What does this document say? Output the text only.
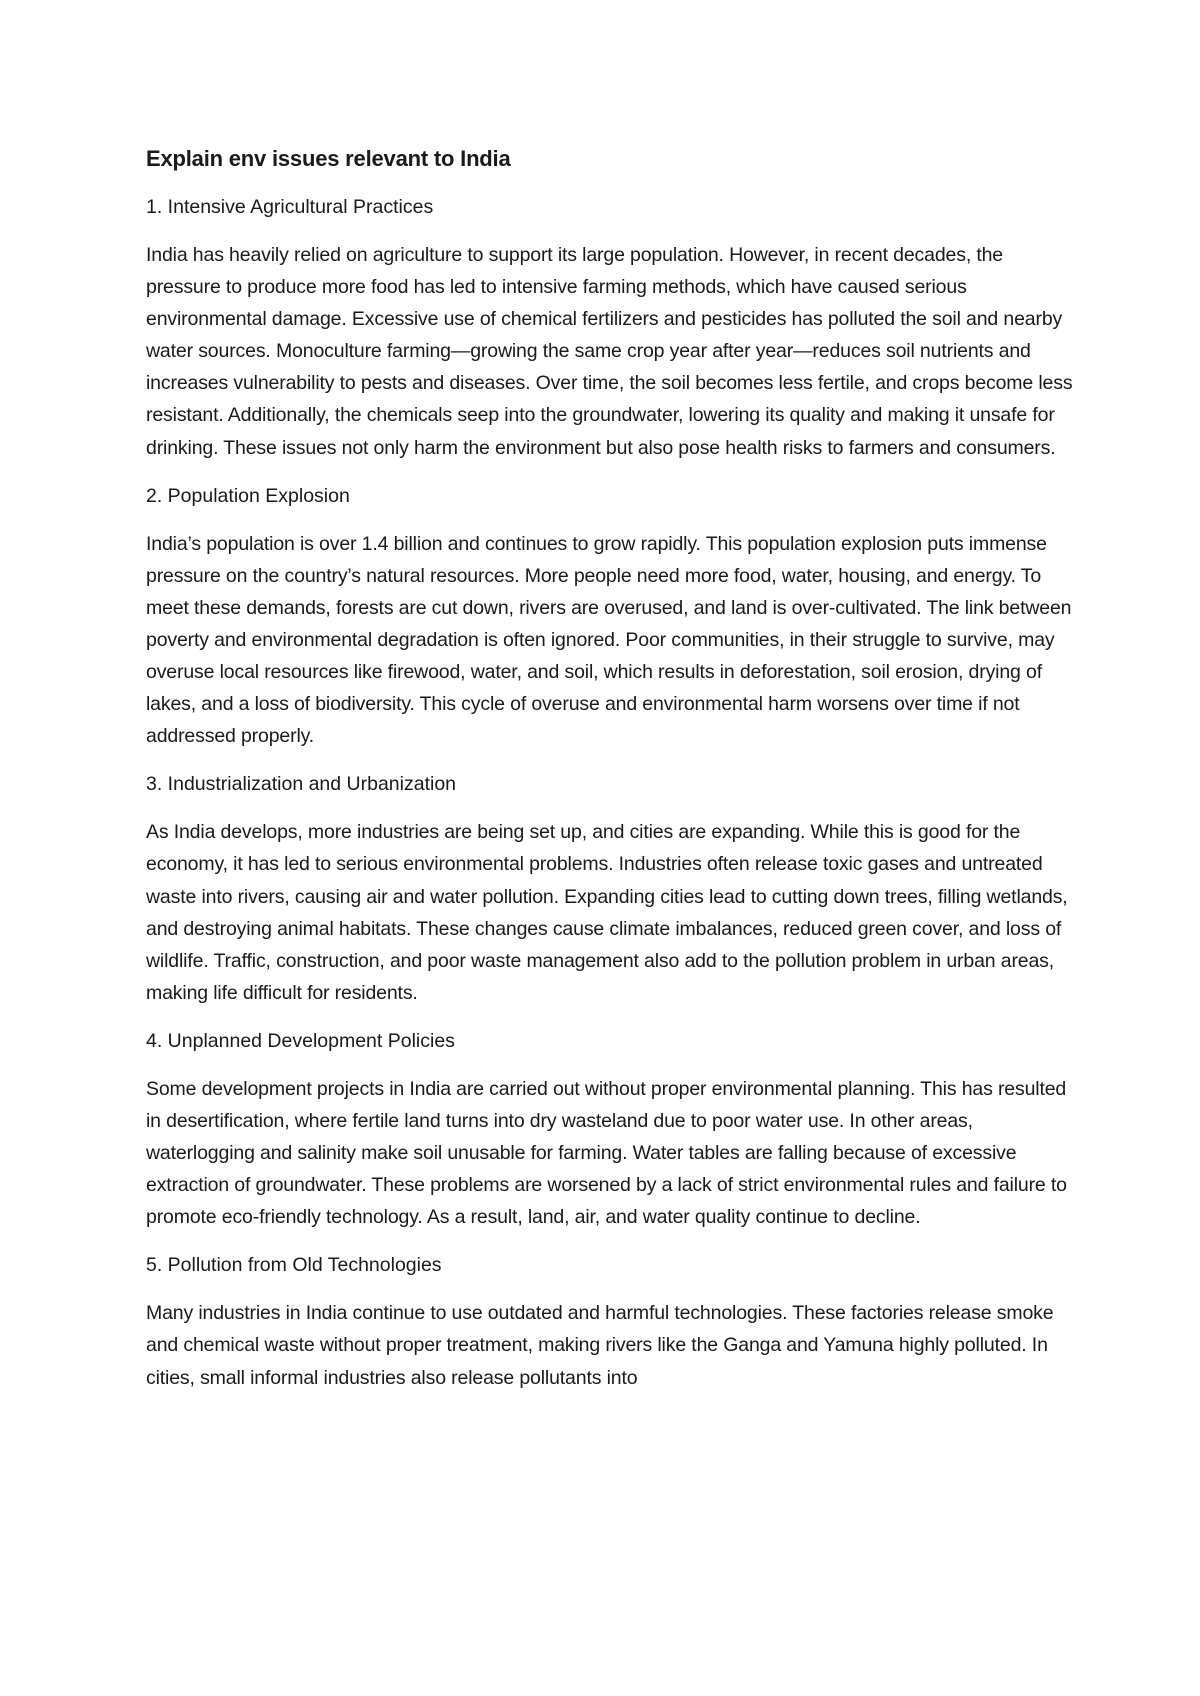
Explain env issues relevant to India
1. Intensive Agricultural Practices
India has heavily relied on agriculture to support its large population. However, in recent decades, the pressure to produce more food has led to intensive farming methods, which have caused serious environmental damage. Excessive use of chemical fertilizers and pesticides has polluted the soil and nearby water sources. Monoculture farming—growing the same crop year after year—reduces soil nutrients and increases vulnerability to pests and diseases. Over time, the soil becomes less fertile, and crops become less resistant. Additionally, the chemicals seep into the groundwater, lowering its quality and making it unsafe for drinking. These issues not only harm the environment but also pose health risks to farmers and consumers.
2. Population Explosion
India’s population is over 1.4 billion and continues to grow rapidly. This population explosion puts immense pressure on the country’s natural resources. More people need more food, water, housing, and energy. To meet these demands, forests are cut down, rivers are overused, and land is over-cultivated. The link between poverty and environmental degradation is often ignored. Poor communities, in their struggle to survive, may overuse local resources like firewood, water, and soil, which results in deforestation, soil erosion, drying of lakes, and a loss of biodiversity. This cycle of overuse and environmental harm worsens over time if not addressed properly.
3. Industrialization and Urbanization
As India develops, more industries are being set up, and cities are expanding. While this is good for the economy, it has led to serious environmental problems. Industries often release toxic gases and untreated waste into rivers, causing air and water pollution. Expanding cities lead to cutting down trees, filling wetlands, and destroying animal habitats. These changes cause climate imbalances, reduced green cover, and loss of wildlife. Traffic, construction, and poor waste management also add to the pollution problem in urban areas, making life difficult for residents.
4. Unplanned Development Policies
Some development projects in India are carried out without proper environmental planning. This has resulted in desertification, where fertile land turns into dry wasteland due to poor water use. In other areas, waterlogging and salinity make soil unusable for farming. Water tables are falling because of excessive extraction of groundwater. These problems are worsened by a lack of strict environmental rules and failure to promote eco-friendly technology. As a result, land, air, and water quality continue to decline.
5. Pollution from Old Technologies
Many industries in India continue to use outdated and harmful technologies. These factories release smoke and chemical waste without proper treatment, making rivers like the Ganga and Yamuna highly polluted. In cities, small informal industries also release pollutants into
